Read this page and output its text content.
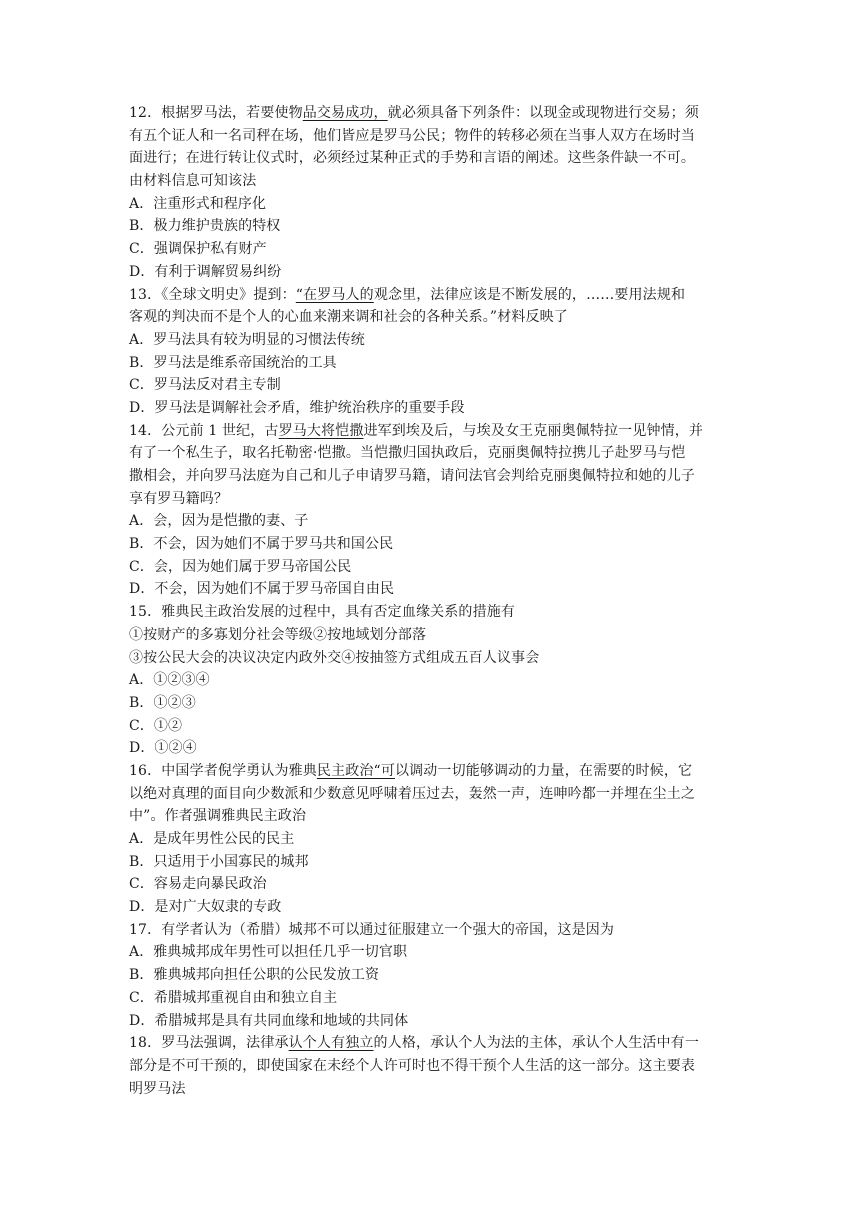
12．根据罗马法，若要使物品交易成功，就必须具备下列条件：以现金或现物进行交易；须
有五个证人和一名司秤在场，他们皆应是罗马公民；物件的转移必须在当事人双方在场时当
面进行；在进行转让仪式时，必须经过某种正式的手势和言语的阐述。这些条件缺一不可。
由材料信息可知该法
A．注重形式和程序化
B．极力维护贵族的特权
C．强调保护私有财产
D．有利于调解贸易纠纷
13．《全球文明史》提到：“在罗马人的观念里，法律应该是不断发展的，……要用法规和
客观的判决而不是个人的心血来潮来调和社会的各种关系。”材料反映了
A．罗马法具有较为明显的习惯法传统
B．罗马法是维系帝国统治的工具
C．罗马法反对君主专制
D．罗马法是调解社会矛盾，维护统治秩序的重要手段
14．公元前 1 世纪，古罗马大将恺撒进军到埃及后，与埃及女王克丽奥佩特拉一见钟情，并
有了一个私生子，取名托勒密·恺撒。当恺撒归国执政后，克丽奥佩特拉携儿子赴罗马与恺
撒相会，并向罗马法庭为自己和儿子申请罗马籍，请问法官会判给克丽奥佩特拉和她的儿子
享有罗马籍吗？
A．会，因为是恺撒的妻、子
B．不会，因为她们不属于罗马共和国公民
C．会，因为她们属于罗马帝国公民
D．不会，因为她们不属于罗马帝国自由民
15．雅典民主政治发展的过程中，具有否定血缘关系的措施有
①按财产的多寡划分社会等级②按地域划分部落
③按公民大会的决议决定内政外交④按抽签方式组成五百人议事会
A．①②③④
B．①②③
C．①②
D．①②④
16．中国学者倪学勇认为雅典民主政治“可以调动一切能够调动的力量，在需要的时候，它
以绝对真理的面目向少数派和少数意见呼啸着压过去，轰然一声，连呻吟都一并埋在尘土之
中”。作者强调雅典民主政治
A．是成年男性公民的民主
B．只适用于小国寡民的城邦
C．容易走向暴民政治
D．是对广大奴隶的专政
17．有学者认为（希腊）城邦不可以通过征服建立一个强大的帝国，这是因为
A．雅典城邦成年男性可以担任几乎一切官职
B．雅典城邦向担任公职的公民发放工资
C．希腊城邦重视自由和独立自主
D．希腊城邦是具有共同血缘和地域的共同体
18．罗马法强调，法律承认个人有独立的人格，承认个人为法的主体，承认个人生活中有一
部分是不可干预的，即使国家在未经个人许可时也不得干预个人生活的这一部分。这主要表
明罗马法
